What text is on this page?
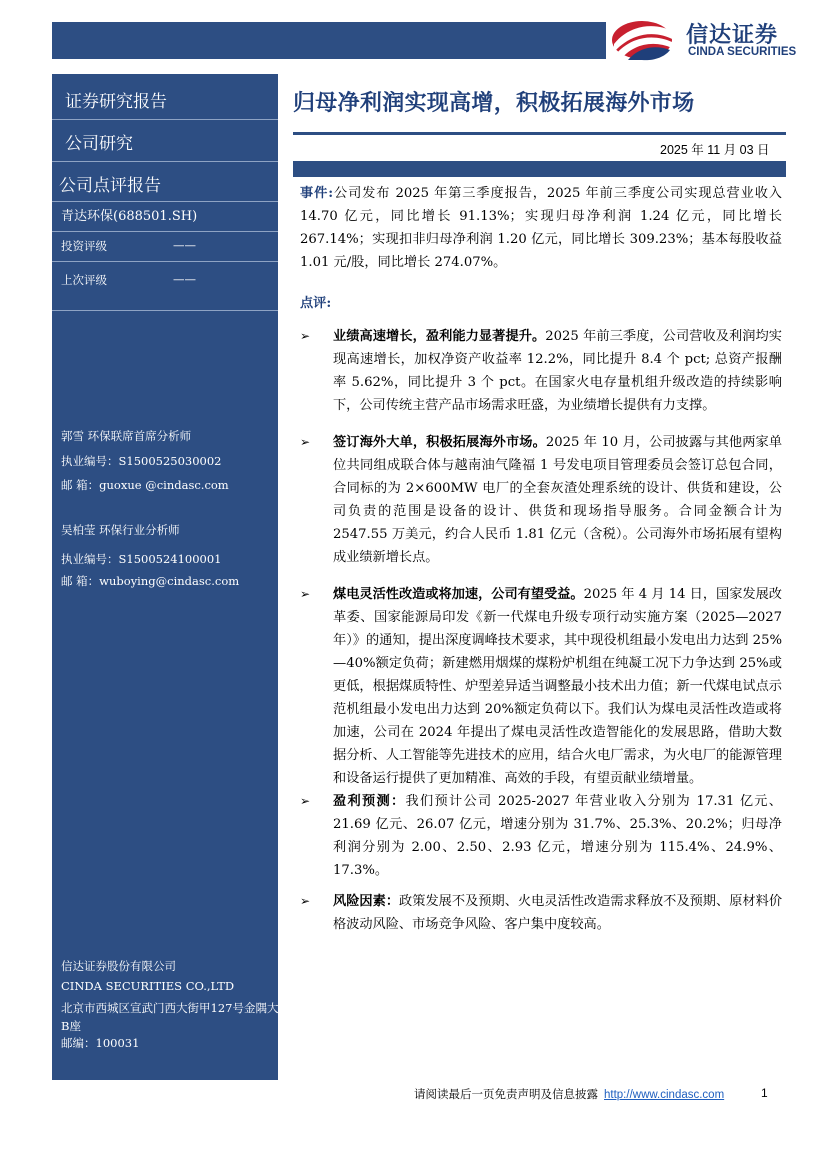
信达证券
CINDA SECURITIES
证券研究报告
公司研究
公司点评报告
青达环保(688501.SH)
投资评级	——
上次评级	——
郭雪 环保联席首席分析师
执业编号：S1500525030002
邮 箱：guoxue @cindasc.com
吴柏莹 环保行业分析师
执业编号：S1500524100001
邮 箱：wuboying@cindasc.com
信达证券股份有限公司
CINDA SECURITIES CO.,LTD
北京市西城区宣武门西大街甲127号金隅大厦
B座
邮编：100031
归母净利润实现高增，积极拓展海外市场
2025 年 11 月 03 日

事件:公司发布 2025 年第三季度报告，2025 年前三季度公司实现总营业收入 14.70 亿元，同比增长 91.13%；实现归母净利润 1.24 亿元，同比增长 267.14%；实现扣非归母净利润 1.20 亿元，同比增长 309.23%；基本每股收益 1.01 元/股，同比增长 274.07%。

点评:

➢ 业绩高速增长，盈利能力显著提升。2025 年前三季度，公司营收及利润均实现高速增长，加权净资产收益率 12.2%，同比提升 8.4 个 pct; 总资产报酬率 5.62%，同比提升 3 个 pct。在国家火电存量机组升级改造的持续影响下，公司传统主营产品市场需求旺盛，为业绩增长提供有力支撑。

➢ 签订海外大单，积极拓展海外市场。2025 年 10 月，公司披露与其他两家单位共同组成联合体与越南油气隆福 1 号发电项目管理委员会签订总包合同，合同标的为 2×600MW 电厂的全套灰渣处理系统的设计、供货和建设，公司负责的范围是设备的设计、供货和现场指导服务。合同金额合计为 2547.55 万美元，约合人民币 1.81 亿元（含税）。公司海外市场拓展有望构成业绩新增长点。

➢ 煤电灵活性改造或将加速，公司有望受益。2025 年 4 月 14 日，国家发展改革委、国家能源局印发《新一代煤电升级专项行动实施方案（2025—2027 年）》的通知，提出深度调峰技术要求，其中现役机组最小发电出力达到 25%—40%额定负荷；新建燃用烟煤的煤粉炉机组在纯凝工况下力争达到 25%或更低，根据煤质特性、炉型差异适当调整最小技术出力值；新一代煤电试点示范机组最小发电出力达到 20%额定负荷以下。我们认为煤电灵活性改造或将加速，公司在 2024 年提出了煤电灵活性改造智能化的发展思路，借助大数据分析、人工智能等先进技术的应用，结合火电厂需求，为火电厂的能源管理和设备运行提供了更加精准、高效的手段，有望贡献业绩增量。

➢ 盈利预测：我们预计公司 2025-2027 年营业收入分别为 17.31 亿元、21.69 亿元、26.07 亿元，增速分别为 31.7%、25.3%、20.2%；归母净利润分别为 2.00、2.50、2.93 亿元，增速分别为 115.4%、24.9%、17.3%。

➢ 风险因素：政策发展不及预期、火电灵活性改造需求释放不及预期、原材料价格波动风险、市场竞争风险、客户集中度较高。

请阅读最后一页免责声明及信息披露 http://www.cindasc.com	1
